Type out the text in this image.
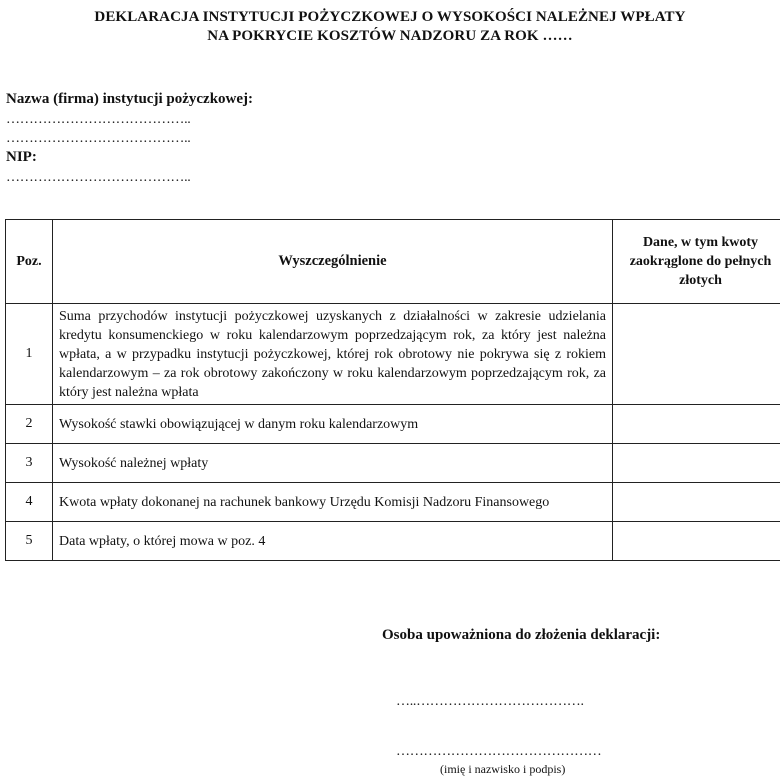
DEKLARACJA INSTYTUCJI POŻYCZKOWEJ O WYSOKOŚCI NALEŻNEJ WPŁATY
NA POKRYCIE KOSZTÓW NADZORU ZA ROK ……
Nazwa (firma) instytucji pożyczkowej:
…………………………………..
…………………………………..
NIP:
…………………………………..
Poz.	Wyszczególnienie	Dane, w tym kwoty zaokrąglone do pełnych złotych
1	Suma przychodów instytucji pożyczkowej uzyskanych z działalności w zakresie udzielania kredytu konsumenckiego w roku kalendarzowym poprzedzającym rok, za który jest należna wpłata, a w przypadku instytucji pożyczkowej, której rok obrotowy nie pokrywa się z rokiem kalendarzowym – za rok obrotowy zakończony w roku kalendarzowym poprzedzającym rok, za który jest należna wpłata	
2	Wysokość stawki obowiązującej w danym roku kalendarzowym	
3	Wysokość należnej wpłaty	
4	Kwota wpłaty dokonanej na rachunek bankowy Urzędu Komisji Nadzoru Finansowego	
5	Data wpłaty, o której mowa w poz. 4	
Osoba upoważniona do złożenia deklaracji:
…..……………………………….
………………………………………
(imię i nazwisko i podpis)
